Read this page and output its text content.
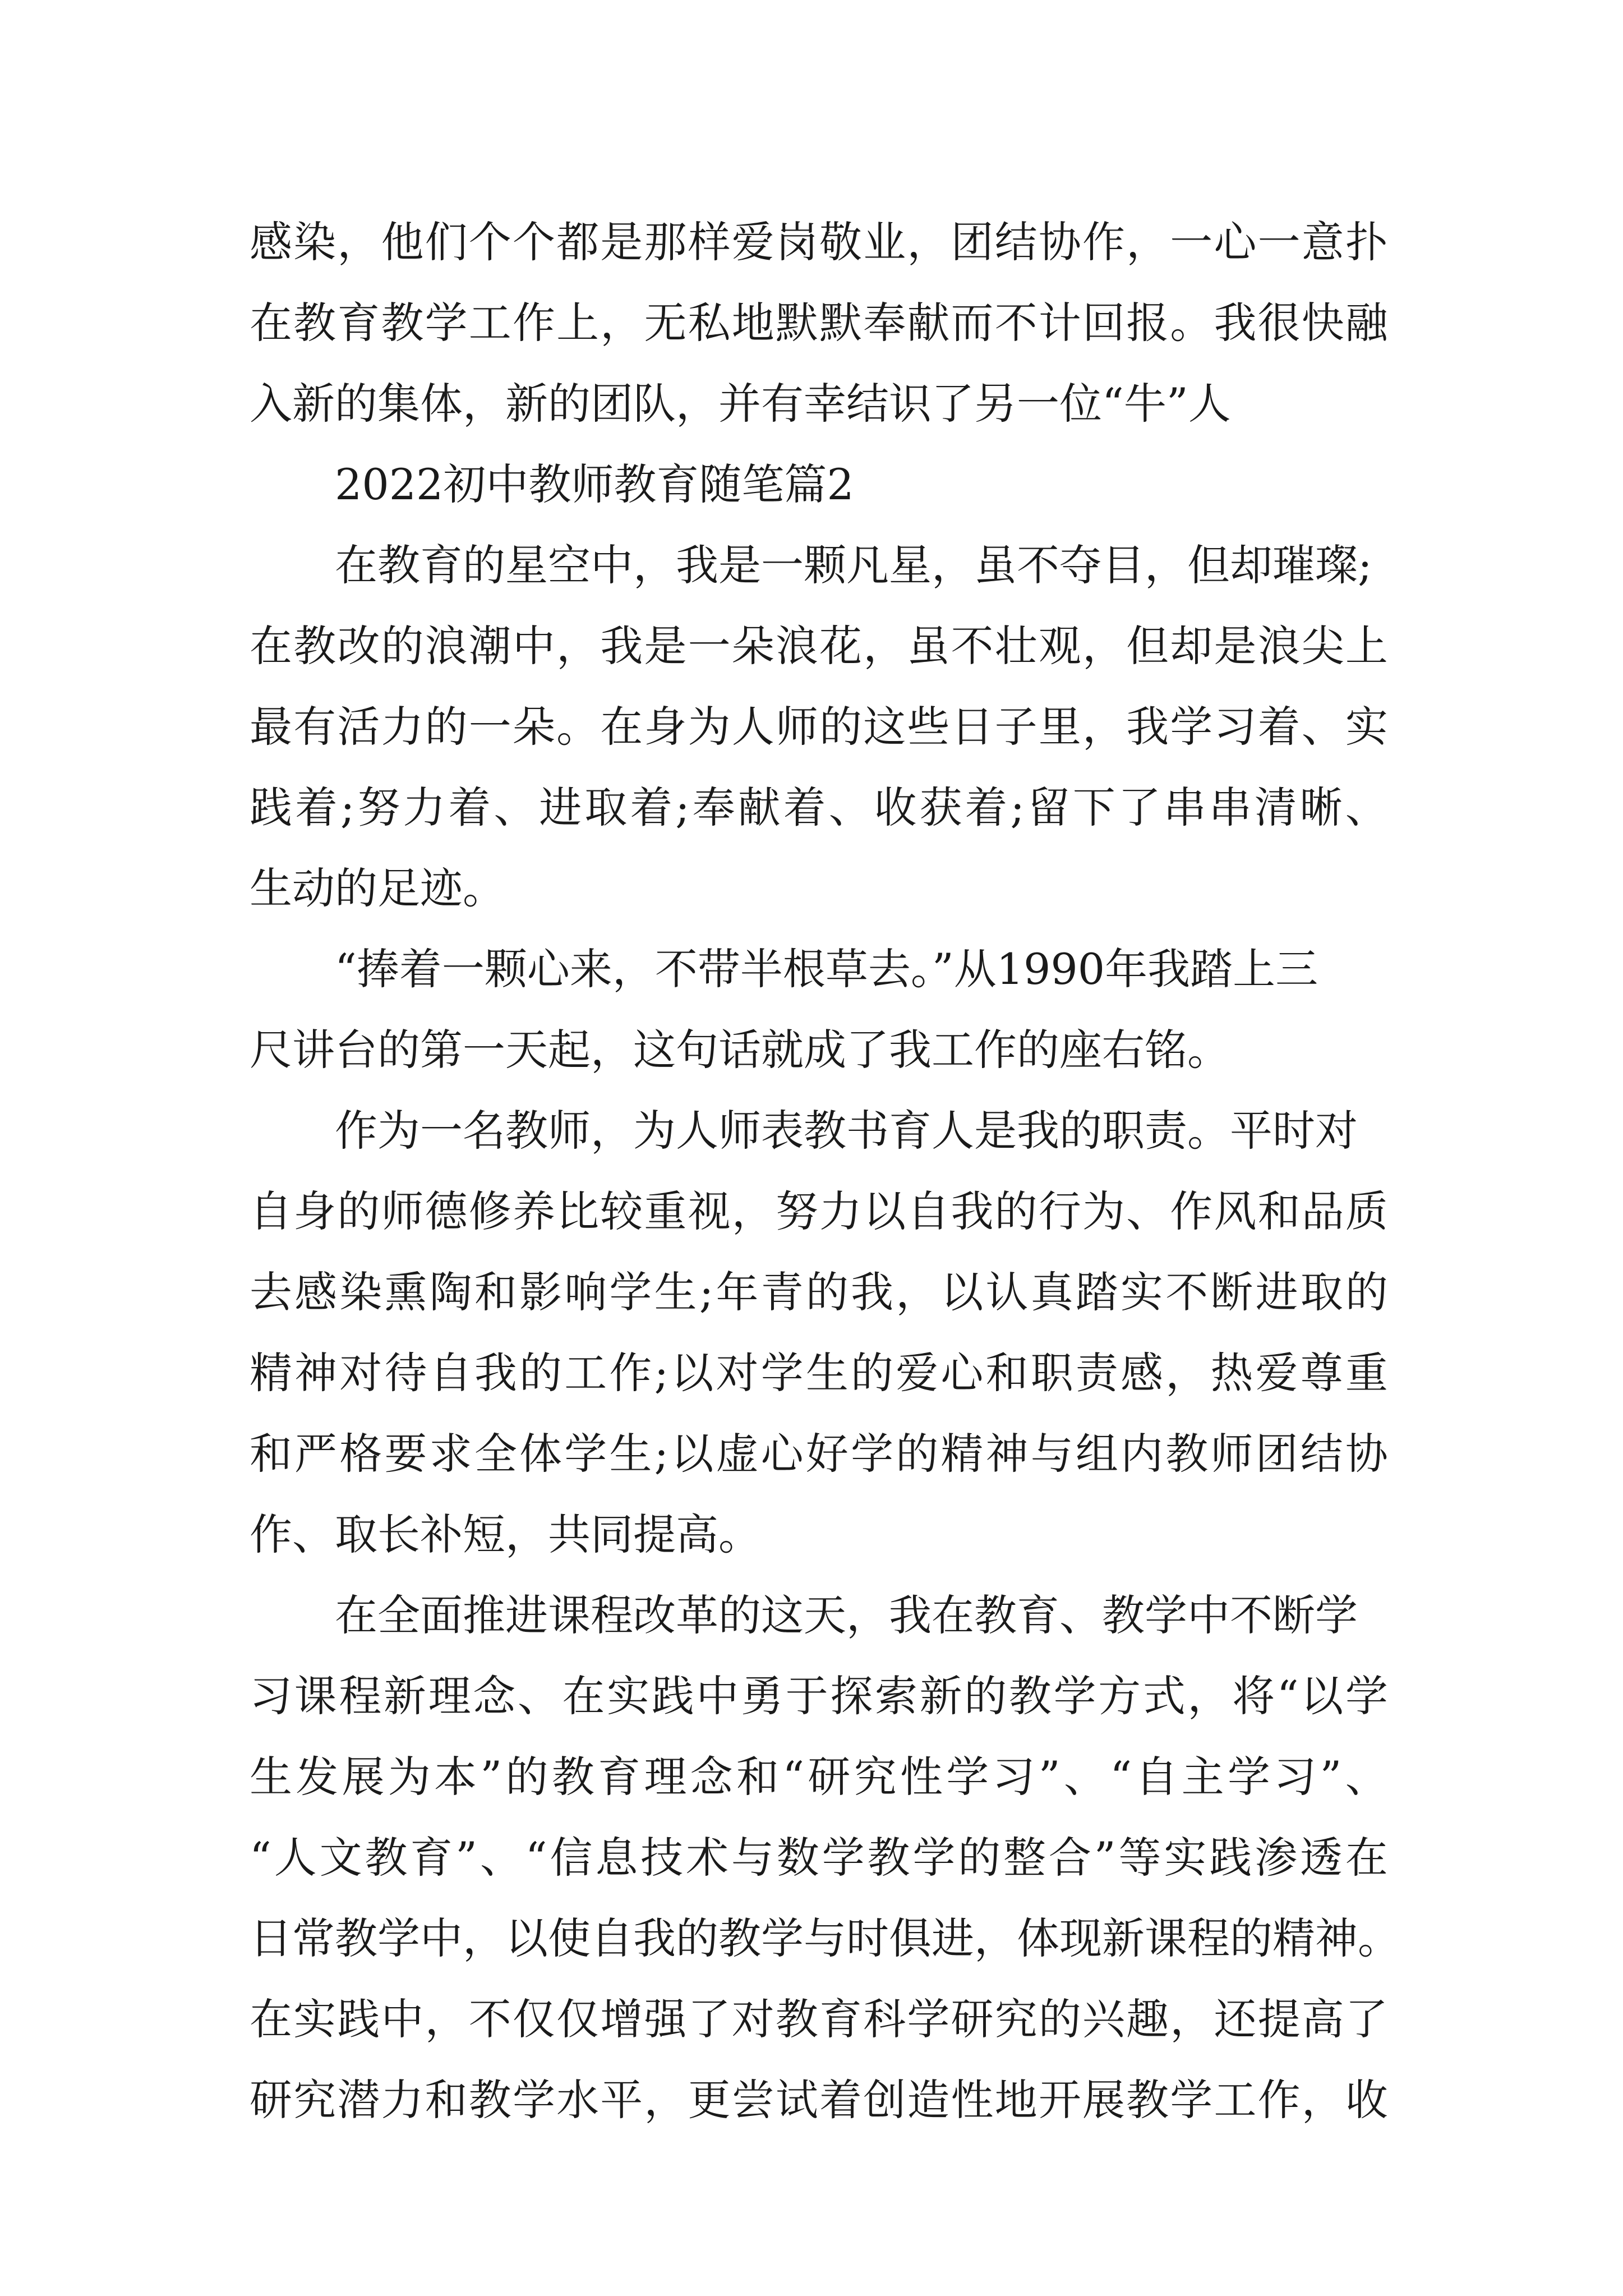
感 染 ， 他 们 个 个 都 是 那 样 爱 岗 敬 业 ， 团 结 协 作 ， 一 心 一 意 扑
在 教 育 教 学 工 作 上 ， 无 私 地 默 默 奉 献 而 不 计 回 报 。 我 很 快 融
入新的集体，新的团队，并有幸结识了另一位“牛”人
2022初中教师教育随笔篇2
在教育的星空中，我是一颗凡星，虽不夺目，但却璀璨;
在 教 改 的 浪 潮 中 ， 我 是 一 朵 浪 花 ， 虽 不 壮 观 ， 但 却 是 浪 尖 上
最 有 活 力 的 一 朵 。 在 身 为 人 师 的 这 些 日 子 里 ， 我 学 习 着 、 实
践 着 ; 努 力 着 、 进 取 着 ; 奉 献 着 、 收 获 着 ; 留 下 了 串 串 清 晰 、
生动的足迹。
“捧着一颗心来，不带半根草去。”从1990年我踏上三
尺讲台的第一天起，这句话就成了我工作的座右铭。
作为一名教师，为人师表教书育人是我的职责。平时对
自 身 的 师 德 修 养 比 较 重 视 ， 努 力 以 自 我 的 行 为 、 作 风 和 品 质
去 感 染 熏 陶 和 影 响 学 生 ; 年 青 的 我 ， 以 认 真 踏 实 不 断 进 取 的
精 神 对 待 自 我 的 工 作 ; 以 对 学 生 的 爱 心 和 职 责 感 ， 热 爱 尊 重
和 严 格 要 求 全 体 学 生 ; 以 虚 心 好 学 的 精 神 与 组 内 教 师 团 结 协
作、取长补短，共同提高。
在全面推进课程改革的这天，我在教育、教学中不断学
习 课 程 新 理 念 、 在 实 践 中 勇 于 探 索 新 的 教 学 方 式 ， 将 “ 以 学
生 发 展 为 本 ” 的 教 育 理 念 和 “ 研 究 性 学 习 ” 、 “ 自 主 学 习 ” 、
“ 人 文 教 育 ” 、 “ 信 息 技 术 与 数 学 教 学 的 整 合 ” 等 实 践 渗 透 在
日 常 教 学 中 ， 以 使 自 我 的 教 学 与 时 俱 进 ， 体 现 新 课 程 的 精 神 。
在 实 践 中 ， 不 仅 仅 增 强 了 对 教 育 科 学 研 究 的 兴 趣 ， 还 提 高 了
研 究 潜 力 和 教 学 水 平 ， 更 尝 试 着 创 造 性 地 开 展 教 学 工 作 ， 收
